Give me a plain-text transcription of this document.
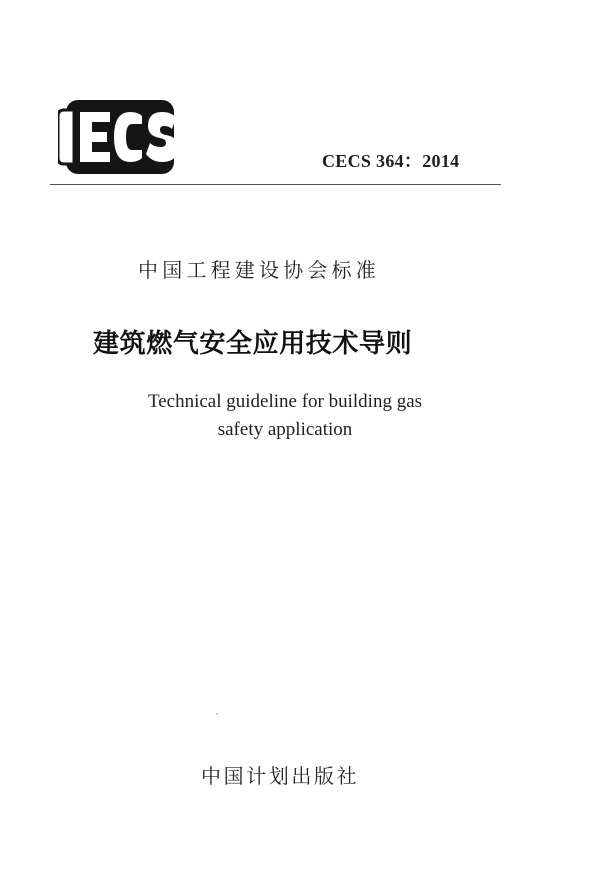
CECS 364：2014
中国工程建设协会标准
建筑燃气安全应用技术导则
Technical guideline for building gas
safety application
中国计划出版社
